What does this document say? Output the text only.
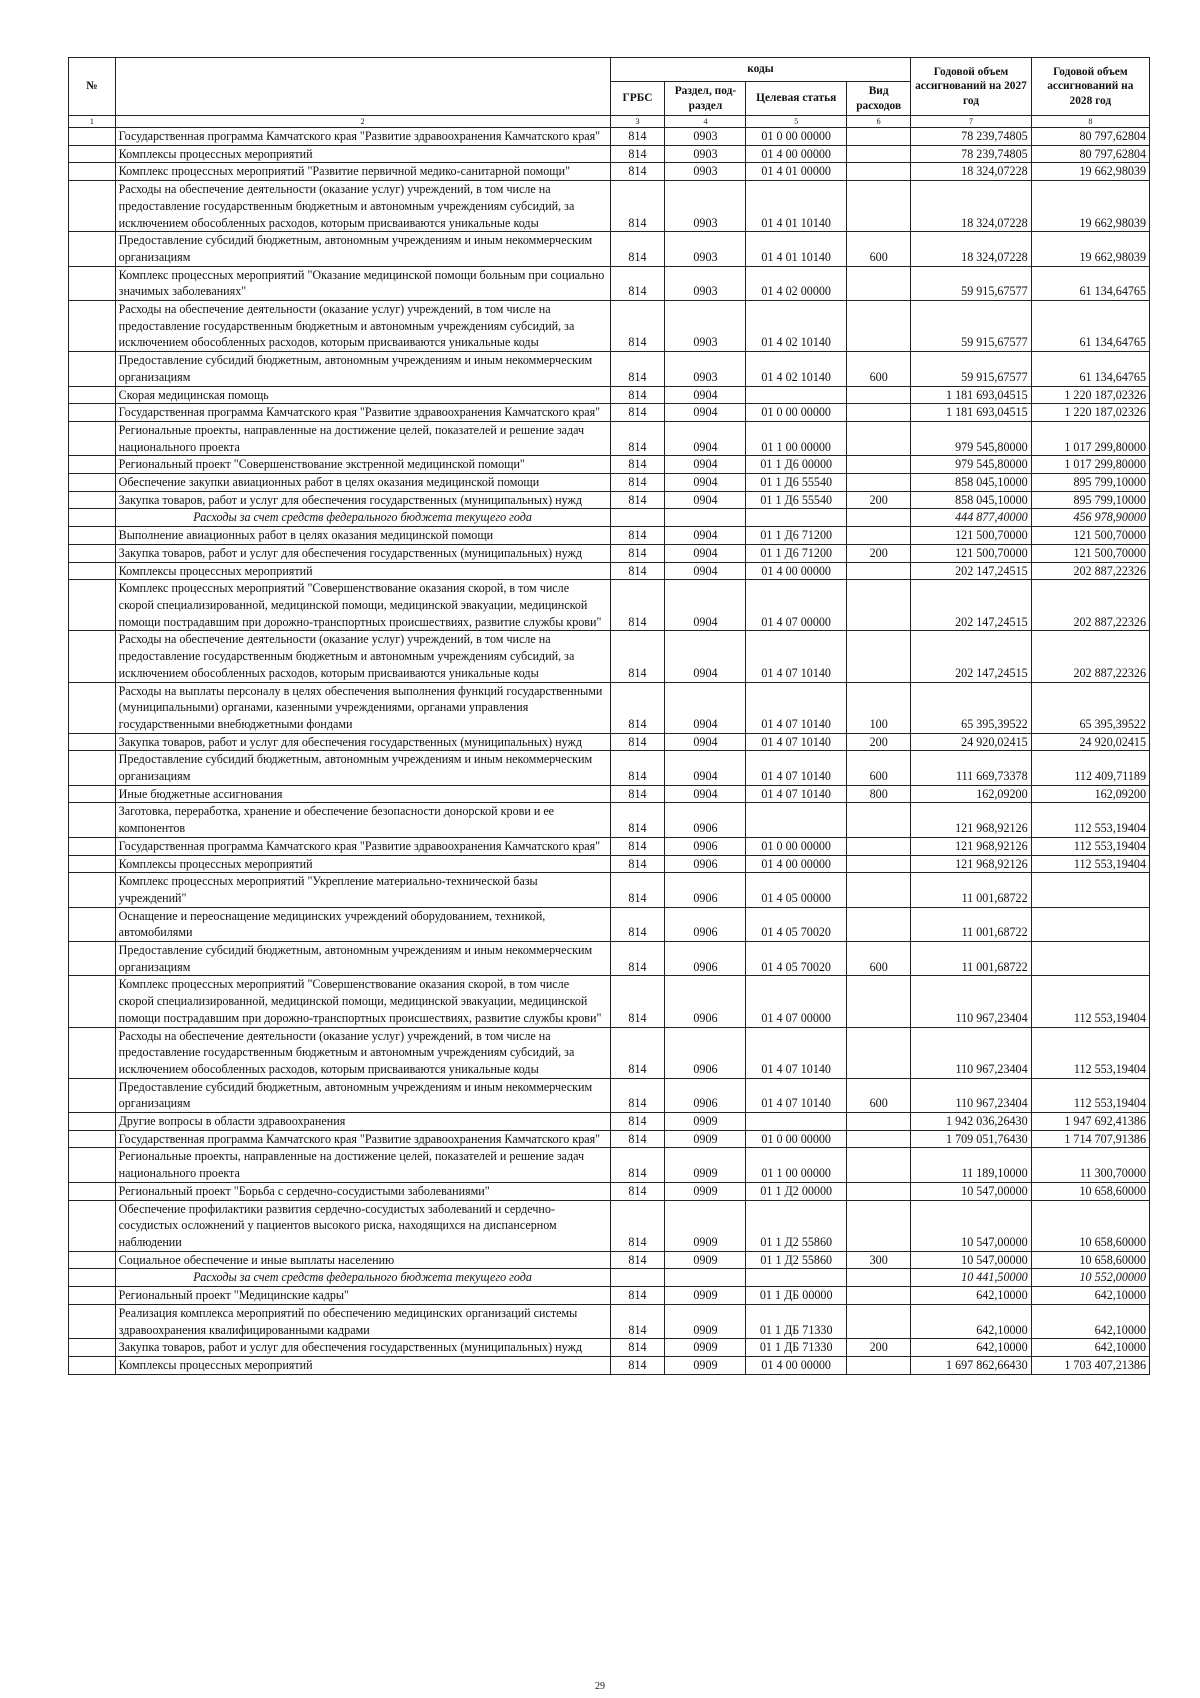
№		коды				Годовой объем ассигнований на 2027 год	Годовой объем ассигнований на 2028 год
		ГРБС	Раздел, под-раздел	Целевая статья	Вид расходов		
1	2	3	4	5	6	7	8
	Государственная программа Камчатского края "Развитие здравоохранения Камчатского края"	814	0903	01 0 00 00000		78 239,74805	80 797,62804
	Комплексы процессных мероприятий	814	0903	01 4 00 00000		78 239,74805	80 797,62804
	Комплекс процессных мероприятий "Развитие первичной медико-санитарной помощи"	814	0903	01 4 01 00000		18 324,07228	19 662,98039
	Расходы на обеспечение деятельности (оказание услуг) учреждений, в том числе на предоставление государственным бюджетным и автономным учреждениям субсидий, за исключением обособленных расходов, которым присваиваются уникальные коды	814	0903	01 4 01 10140		18 324,07228	19 662,98039
	Предоставление субсидий бюджетным, автономным учреждениям и иным некоммерческим организациям	814	0903	01 4 01 10140	600	18 324,07228	19 662,98039
	Комплекс процессных мероприятий "Оказание медицинской помощи больным при социально значимых заболеваниях"	814	0903	01 4 02 00000		59 915,67577	61 134,64765
	Расходы на обеспечение деятельности (оказание услуг) учреждений, в том числе на предоставление государственным бюджетным и автономным учреждениям субсидий, за исключением обособленных расходов, которым присваиваются уникальные коды	814	0903	01 4 02 10140		59 915,67577	61 134,64765
	Предоставление субсидий бюджетным, автономным учреждениям и иным некоммерческим организациям	814	0903	01 4 02 10140	600	59 915,67577	61 134,64765
	Скорая медицинская помощь	814	0904			1 181 693,04515	1 220 187,02326
	Государственная программа Камчатского края "Развитие здравоохранения Камчатского края"	814	0904	01 0 00 00000		1 181 693,04515	1 220 187,02326
	Региональные проекты, направленные на достижение целей, показателей и решение задач национального проекта	814	0904	01 1 00 00000		979 545,80000	1 017 299,80000
	Региональный проект "Совершенствование экстренной медицинской помощи"	814	0904	01 1 Д6 00000		979 545,80000	1 017 299,80000
	Обеспечение закупки авиационных работ в целях оказания медицинской помощи	814	0904	01 1 Д6 55540		858 045,10000	895 799,10000
	Закупка товаров, работ и услуг для обеспечения государственных (муниципальных) нужд	814	0904	01 1 Д6 55540	200	858 045,10000	895 799,10000
	Расходы за счет средств федерального бюджета текущего года					444 877,40000	456 978,90000
	Выполнение авиационных работ в целях оказания медицинской помощи	814	0904	01 1 Д6 71200		121 500,70000	121 500,70000
	Закупка товаров, работ и услуг для обеспечения государственных (муниципальных) нужд	814	0904	01 1 Д6 71200	200	121 500,70000	121 500,70000
	Комплексы процессных мероприятий	814	0904	01 4 00 00000		202 147,24515	202 887,22326
	Комплекс процессных мероприятий "Совершенствование оказания скорой, в том числе скорой специализированной, медицинской помощи, медицинской эвакуации, медицинской помощи пострадавшим при дорожно-транспортных происшествиях, развитие службы крови"	814	0904	01 4 07 00000		202 147,24515	202 887,22326
	Расходы на обеспечение деятельности (оказание услуг) учреждений, в том числе на предоставление государственным бюджетным и автономным учреждениям субсидий, за исключением обособленных расходов, которым присваиваются уникальные коды	814	0904	01 4 07 10140		202 147,24515	202 887,22326
	Расходы на выплаты персоналу в целях обеспечения выполнения функций государственными (муниципальными) органами, казенными учреждениями, органами управления государственными внебюджетными фондами	814	0904	01 4 07 10140	100	65 395,39522	65 395,39522
	Закупка товаров, работ и услуг для обеспечения государственных (муниципальных) нужд	814	0904	01 4 07 10140	200	24 920,02415	24 920,02415
	Предоставление субсидий бюджетным, автономным учреждениям и иным некоммерческим организациям	814	0904	01 4 07 10140	600	111 669,73378	112 409,71189
	Иные бюджетные ассигнования	814	0904	01 4 07 10140	800	162,09200	162,09200
	Заготовка, переработка, хранение и обеспечение безопасности донорской крови и ее компонентов	814	0906			121 968,92126	112 553,19404
	Государственная программа Камчатского края "Развитие здравоохранения Камчатского края"	814	0906	01 0 00 00000		121 968,92126	112 553,19404
	Комплексы процессных мероприятий	814	0906	01 4 00 00000		121 968,92126	112 553,19404
	Комплекс процессных мероприятий "Укрепление материально-технической базы учреждений"	814	0906	01 4 05 00000		11 001,68722	
	Оснащение и переоснащение медицинских учреждений оборудованием, техникой, автомобилями	814	0906	01 4 05 70020		11 001,68722	
	Предоставление субсидий бюджетным, автономным учреждениям и иным некоммерческим организациям	814	0906	01 4 05 70020	600	11 001,68722	
	Комплекс процессных мероприятий "Совершенствование оказания скорой, в том числе скорой специализированной, медицинской помощи, медицинской эвакуации, медицинской помощи пострадавшим при дорожно-транспортных происшествиях, развитие службы крови"	814	0906	01 4 07 00000		110 967,23404	112 553,19404
	Расходы на обеспечение деятельности (оказание услуг) учреждений, в том числе на предоставление государственным бюджетным и автономным учреждениям субсидий, за исключением обособленных расходов, которым присваиваются уникальные коды	814	0906	01 4 07 10140		110 967,23404	112 553,19404
	Предоставление субсидий бюджетным, автономным учреждениям и иным некоммерческим организациям	814	0906	01 4 07 10140	600	110 967,23404	112 553,19404
	Другие вопросы в области здравоохранения	814	0909			1 942 036,26430	1 947 692,41386
	Государственная программа Камчатского края "Развитие здравоохранения Камчатского края"	814	0909	01 0 00 00000		1 709 051,76430	1 714 707,91386
	Региональные проекты, направленные на достижение целей, показателей и решение задач национального проекта	814	0909	01 1 00 00000		11 189,10000	11 300,70000
	Региональный проект "Борьба с сердечно-сосудистыми заболеваниями"	814	0909	01 1 Д2 00000		10 547,00000	10 658,60000
	Обеспечение профилактики развития сердечно-сосудистых заболеваний и сердечно-сосудистых осложнений у пациентов высокого риска, находящихся на диспансерном наблюдении	814	0909	01 1 Д2 55860		10 547,00000	10 658,60000
	Социальное обеспечение и иные выплаты населению	814	0909	01 1 Д2 55860	300	10 547,00000	10 658,60000
	Расходы за счет средств федерального бюджета текущего года					10 441,50000	10 552,00000
	Региональный проект "Медицинские кадры"	814	0909	01 1 ДБ 00000		642,10000	642,10000
	Реализация комплекса мероприятий по обеспечению медицинских организаций системы здравоохранения квалифицированными кадрами	814	0909	01 1 ДБ 71330		642,10000	642,10000
	Закупка товаров, работ и услуг для обеспечения государственных (муниципальных) нужд	814	0909	01 1 ДБ 71330	200	642,10000	642,10000
	Комплексы процессных мероприятий	814	0909	01 4 00 00000		1 697 862,66430	1 703 407,21386
29
